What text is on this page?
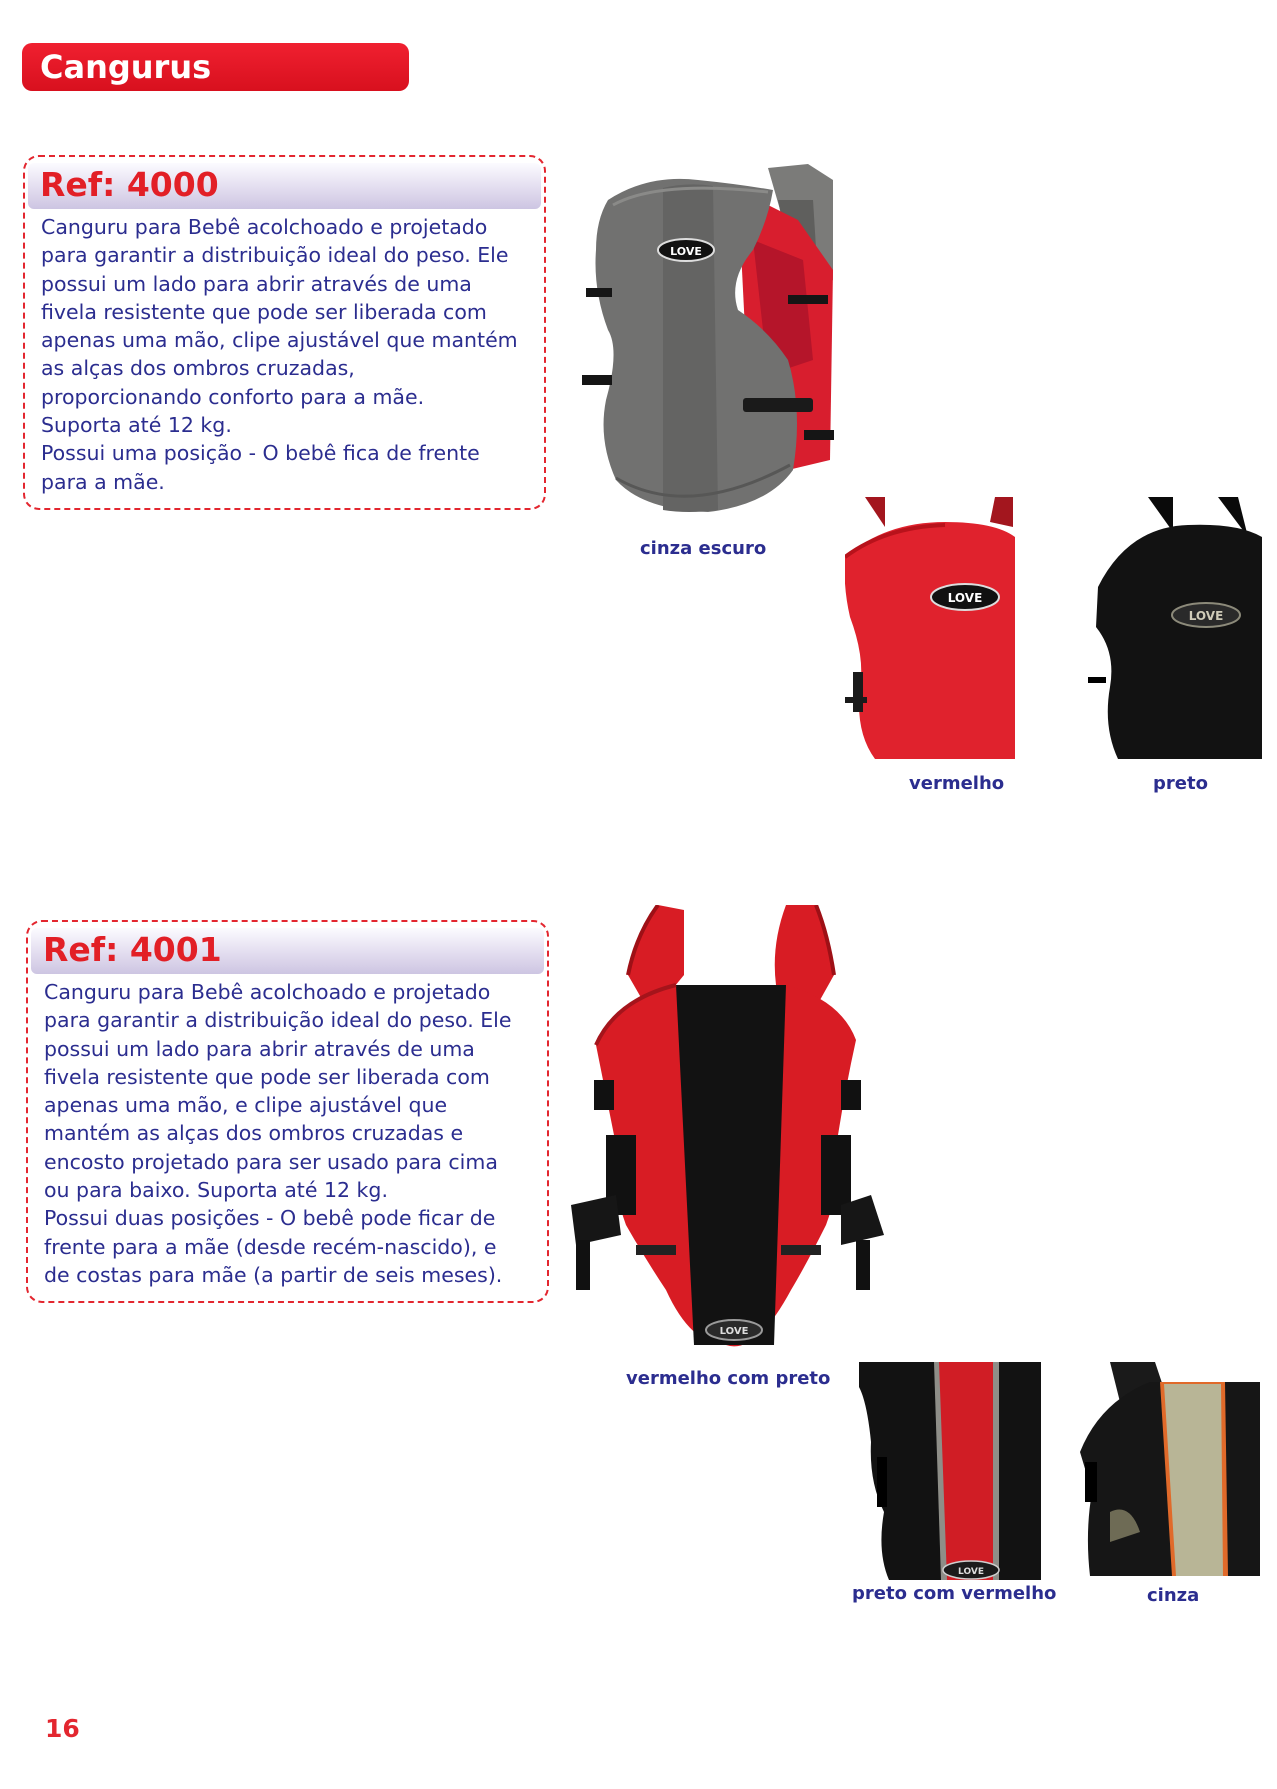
Cangurus
Ref: 4000

Canguru para Bebê acolchoado e projetado

para garantir a distribuição ideal do peso. Ele

possui um lado para abrir através de uma

fivela resistente que pode ser liberada com

apenas uma mão, clipe ajustável que mantém

as alças dos ombros cruzadas,

proporcionando conforto para a mãe.

Suporta até 12 kg.

Possui uma posição - O bebê fica de frente

para a mãe.

LOVE
cinza escuro
LOVE
vermelho
LOVE
preto
Ref: 4001

Canguru para Bebê acolchoado e projetado

para garantir a distribuição ideal do peso. Ele

possui um lado para abrir através de uma

fivela resistente que pode ser liberada com

apenas uma mão, e clipe ajustável que

mantém as alças dos ombros cruzadas e

encosto projetado para ser usado para cima

ou para baixo. Suporta até 12 kg.

Possui duas posições - O bebê pode ficar de

frente para a mãe (desde recém-nascido), e

de costas para mãe (a partir de seis meses).

LOVE
vermelho com preto
LOVE
preto com vermelho	cinza
16
